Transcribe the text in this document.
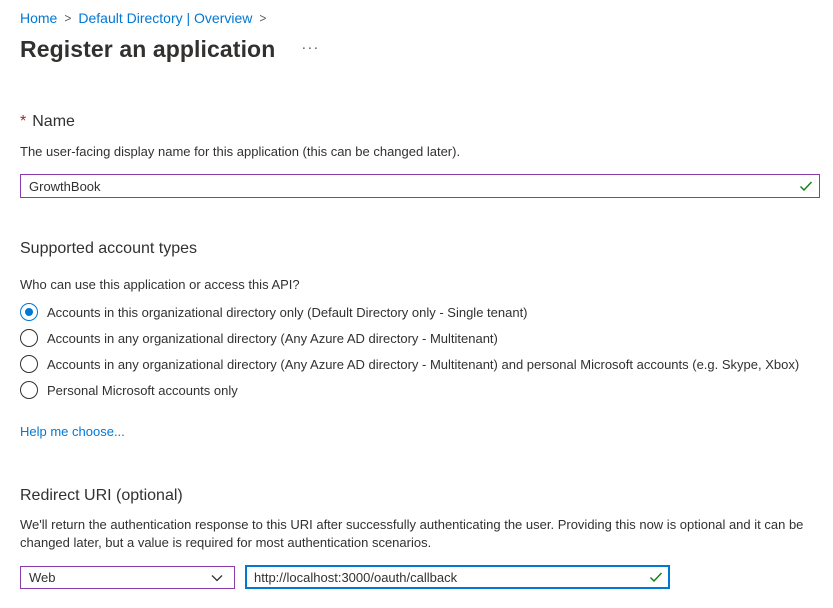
Home > Default Directory | Overview >
Register an application ···
* Name
The user-facing display name for this application (this can be changed later).
GrowthBook
Supported account types
Who can use this application or access this API?
Accounts in this organizational directory only (Default Directory only - Single tenant)
Accounts in any organizational directory (Any Azure AD directory - Multitenant)
Accounts in any organizational directory (Any Azure AD directory - Multitenant) and personal Microsoft accounts (e.g. Skype, Xbox)
Personal Microsoft accounts only
Help me choose...
Redirect URI (optional)
We'll return the authentication response to this URI after successfully authenticating the user. Providing this now is optional and it can be
changed later, but a value is required for most authentication scenarios.
Web
http://localhost:3000/oauth/callback
